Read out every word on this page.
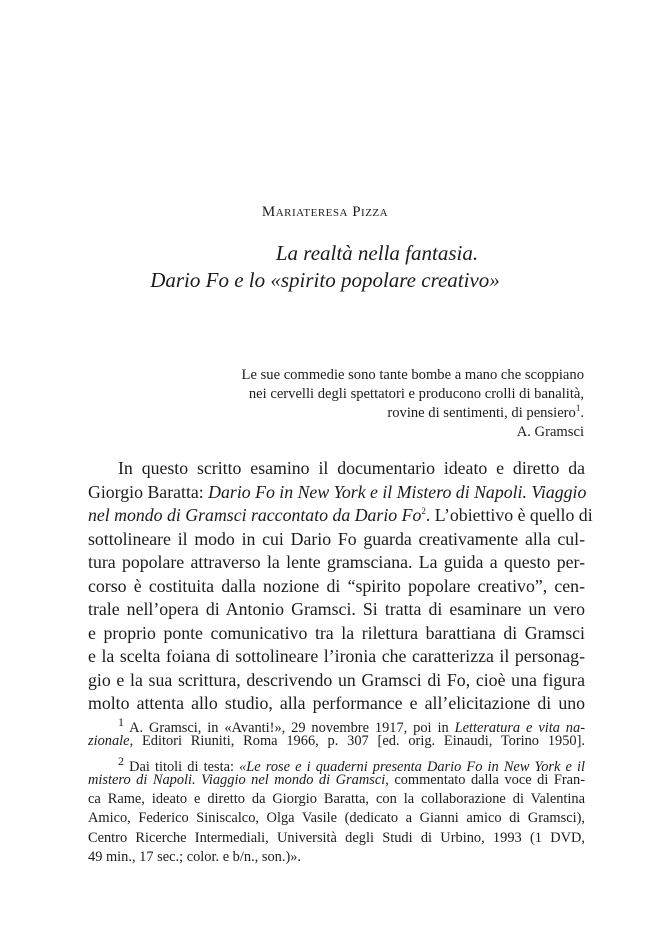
Mariateresa Pizza
La realtà nella fantasia.
Dario Fo e lo «spirito popolare creativo»
Le sue commedie sono tante bombe a mano che scoppiano
nei cervelli degli spettatori e producono crolli di banalità,
rovine di sentimenti, di pensiero$^1$.
A. Gramsci
In questo scritto esamino il documentario ideato e diretto da
Giorgio Baratta: Dario Fo in New York e il Mistero di Napoli. Viaggio
nel mondo di Gramsci raccontato da Dario Fo$^2$. L’obiettivo è quello di
sottolineare il modo in cui Dario Fo guarda creativamente alla cul-
tura popolare attraverso la lente gramsciana. La guida a questo per-
corso è costituita dalla nozione di “spirito popolare creativo”, cen-
trale nell’opera di Antonio Gramsci. Si tratta di esaminare un vero
e proprio ponte comunicativo tra la rilettura barattiana di Gramsci
e la scelta foiana di sottolineare l’ironia che caratterizza il personag-
gio e la sua scrittura, descrivendo un Gramsci di Fo, cioè una figura
molto attenta allo studio, alla performance e all’elicitazione di uno
$^1$ A. Gramsci, in «Avanti!», 29 novembre 1917, poi in Letteratura e vita na-
zionale, Editori Riuniti, Roma 1966, p. 307 [ed. orig. Einaudi, Torino 1950].
$^2$ Dai titoli di testa: «Le rose e i quaderni presenta Dario Fo in New York e il
mistero di Napoli. Viaggio nel mondo di Gramsci, commentato dalla voce di Fran-
ca Rame, ideato e diretto da Giorgio Baratta, con la collaborazione di Valentina
Amico, Federico Siniscalco, Olga Vasile (dedicato a Gianni amico di Gramsci),
Centro Ricerche Intermediali, Università degli Studi di Urbino, 1993 (1 DVD,
49 min., 17 sec.; color. e b/n., son.)».
